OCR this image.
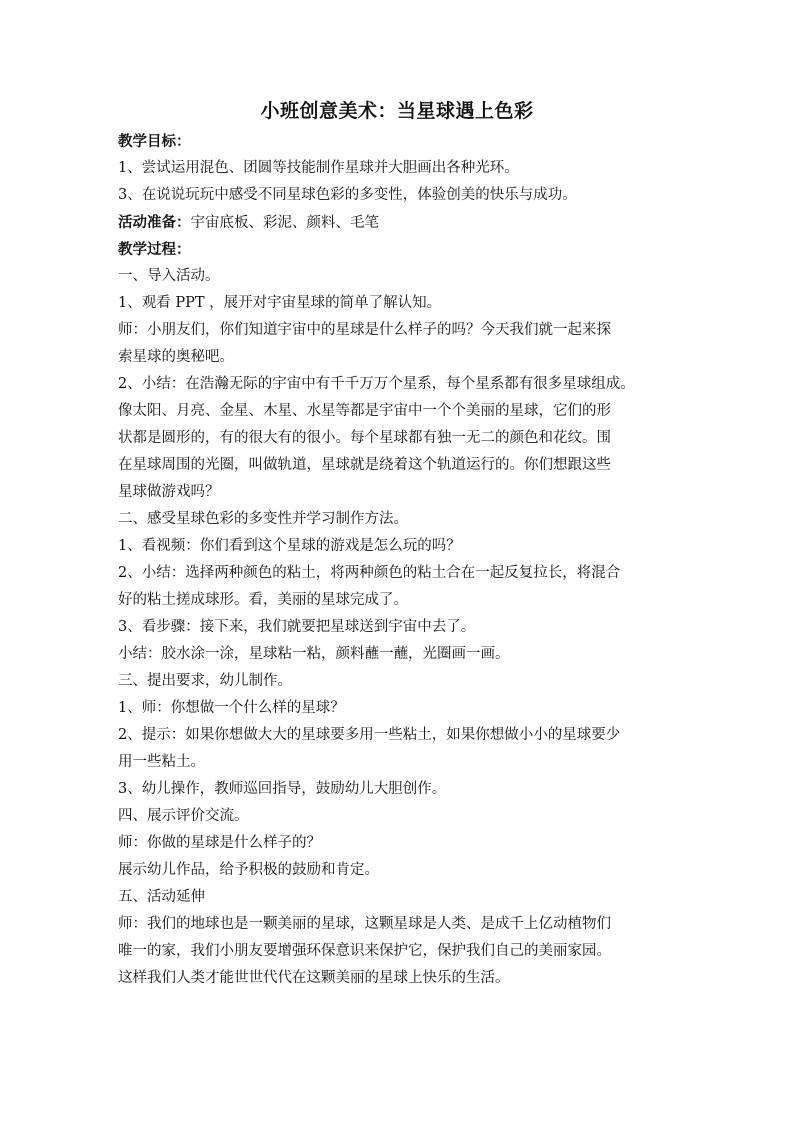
小班创意美术：当星球遇上色彩
教学目标：
1、尝试运用混色、团圆等技能制作星球并大胆画出各种光环。
3、在说说玩玩中感受不同星球色彩的多变性，体验创美的快乐与成功。
活动准备：宇宙底板、彩泥、颜料、毛笔
教学过程：
一、导入活动。
1、观看 PPT ，展开对宇宙星球的简单了解认知。
师：小朋友们，你们知道宇宙中的星球是什么样子的吗？今天我们就一起来探
索星球的奥秘吧。
2、小结：在浩瀚无际的宇宙中有千千万万个星系，每个星系都有很多星球组成。
像太阳、月亮、金星、木星、水星等都是宇宙中一个个美丽的星球，它们的形
状都是圆形的，有的很大有的很小。每个星球都有独一无二的颜色和花纹。围
在星球周围的光圈，叫做轨道，星球就是绕着这个轨道运行的。你们想跟这些
星球做游戏吗？
二、感受星球色彩的多变性并学习制作方法。
1、看视频：你们看到这个星球的游戏是怎么玩的吗？
2、小结：选择两种颜色的粘土，将两种颜色的粘土合在一起反复拉长，将混合
好的粘土搓成球形。看，美丽的星球完成了。
3、看步骤：接下来，我们就要把星球送到宇宙中去了。
小结：胶水涂一涂，星球粘一粘，颜料蘸一蘸，光圈画一画。
三、提出要求，幼儿制作。
1、师：你想做一个什么样的星球？
2、提示：如果你想做大大的星球要多用一些粘土，如果你想做小小的星球要少
用一些粘土。
3、幼儿操作，教师巡回指导，鼓励幼儿大胆创作。
四、展示评价交流。
师：你做的星球是什么样子的？
展示幼儿作品，给予积极的鼓励和肯定。
五、活动延伸
师：我们的地球也是一颗美丽的星球，这颗星球是人类、是成千上亿动植物们
唯一的家，我们小朋友要增强环保意识来保护它，保护我们自己的美丽家园。
这样我们人类才能世世代代在这颗美丽的星球上快乐的生活。
